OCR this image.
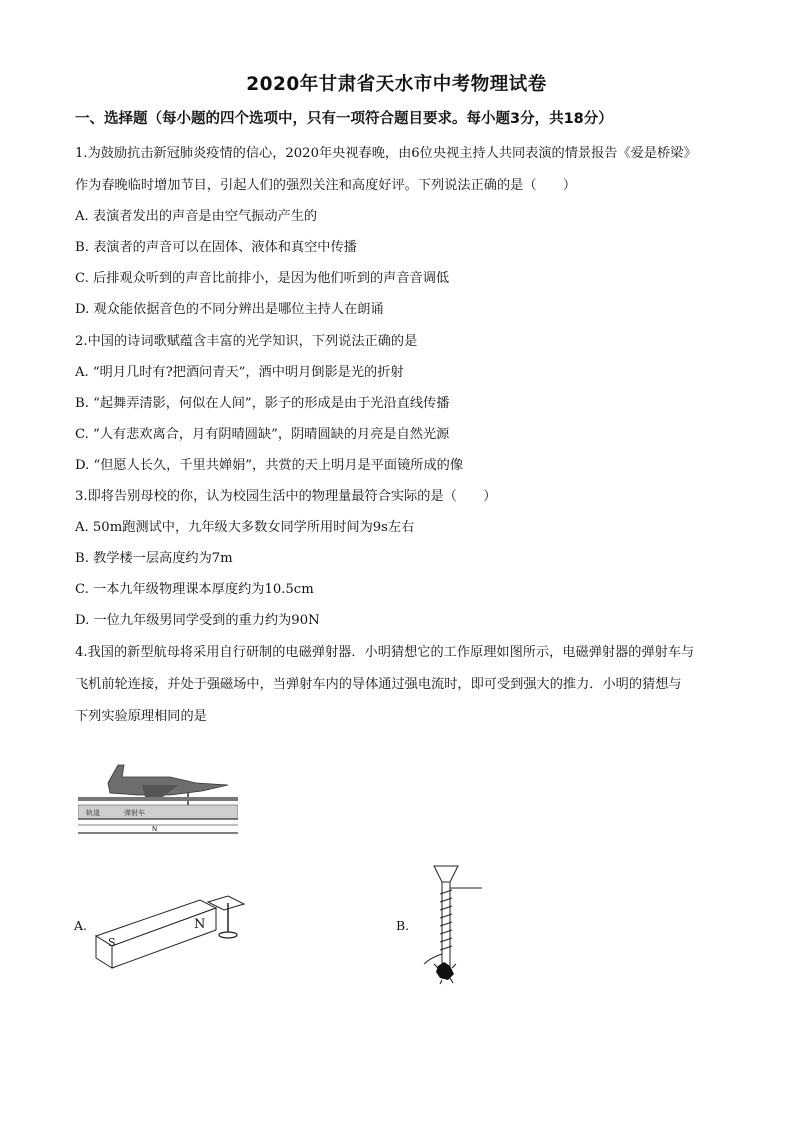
2020年甘肃省天水市中考物理试卷
一、选择题（每小题的四个选项中，只有一项符合题目要求。每小题3分，共18分）
1.为鼓励抗击新冠肺炎疫情的信心，2020年央视春晚，由6位央视主持人共同表演的情景报告《爱是桥梁》
作为春晚临时增加节目，引起人们的强烈关注和高度好评。下列说法正确的是（　　）
A. 表演者发出的声音是由空气振动产生的
B. 表演者的声音可以在固体、液体和真空中传播
C. 后排观众听到的声音比前排小，是因为他们听到的声音音调低
D. 观众能依据音色的不同分辨出是哪位主持人在朗诵
2.中国的诗词歌赋蕴含丰富的光学知识，下列说法正确的是
A. “明月几时有?把酒问青天”，酒中明月倒影是光的折射
B. “起舞弄清影，何似在人间”，影子的形成是由于光沿直线传播
C. “人有悲欢离合，月有阴晴圆缺”，阴晴圆缺的月亮是自然光源
D. “但愿人长久，千里共婵娟”，共赏的天上明月是平面镜所成的像
3.即将告别母校的你，认为校园生活中的物理量最符合实际的是（　　）
A. 50m跑测试中，九年级大多数女同学所用时间为9s左右
B. 教学楼一层高度约为7m
C. 一本九年级物理课本厚度约为10.5cm
D. 一位九年级男同学受到的重力约为90N
4.我国的新型航母将采用自行研制的电磁弹射器．小明猜想它的工作原理如图所示，电磁弹射器的弹射车与
飞机前轮连接，并处于强磁场中，当弹射车内的导体通过强电流时，即可受到强大的推力．小明的猜想与
下列实验原理相同的是
轨道	弹射车
N
A.
S
N	B.
